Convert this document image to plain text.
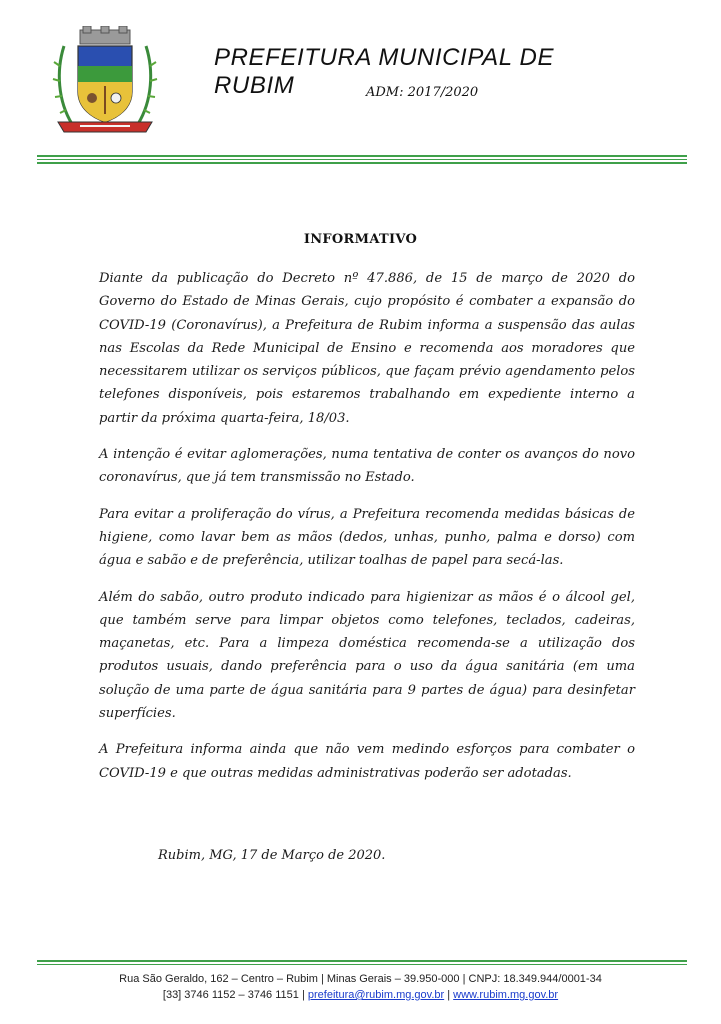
PREFEITURA MUNICIPAL DE RUBIM	ADM: 2017/2020
INFORMATIVO

Diante da publicação do Decreto nº 47.886, de 15 de março de 2020 do Governo do Estado de Minas Gerais, cujo propósito é combater a expansão do COVID-19 (Coronavírus), a Prefeitura de Rubim informa a suspensão das aulas nas Escolas da Rede Municipal de Ensino e recomenda aos moradores que necessitarem utilizar os serviços públicos, que façam prévio agendamento pelos telefones disponíveis, pois estaremos trabalhando em expediente interno a partir da próxima quarta-feira, 18/03.

A intenção é evitar aglomerações, numa tentativa de conter os avanços do novo coronavírus, que já tem transmissão no Estado.

Para evitar a proliferação do vírus, a Prefeitura recomenda medidas básicas de higiene, como lavar bem as mãos (dedos, unhas, punho, palma e dorso) com água e sabão e de preferência, utilizar toalhas de papel para secá-las.

Além do sabão, outro produto indicado para higienizar as mãos é o álcool gel, que também serve para limpar objetos como telefones, teclados, cadeiras, maçanetas, etc. Para a limpeza doméstica recomenda-se a utilização dos produtos usuais, dando preferência para o uso da água sanitária (em uma solução de uma parte de água sanitária para 9 partes de água) para desinfetar superfícies.

A Prefeitura informa ainda que não vem medindo esforços para combater o COVID-19 e que outras medidas administrativas poderão ser adotadas.

Rubim, MG, 17 de Março de 2020.
Rua São Geraldo, 162 – Centro – Rubim | Minas Gerais – 39.950-000 | CNPJ: 18.349.944/0001-34
[33] 3746 1152 – 3746 1151 | prefeitura@rubim.mg.gov.br | www.rubim.mg.gov.br
